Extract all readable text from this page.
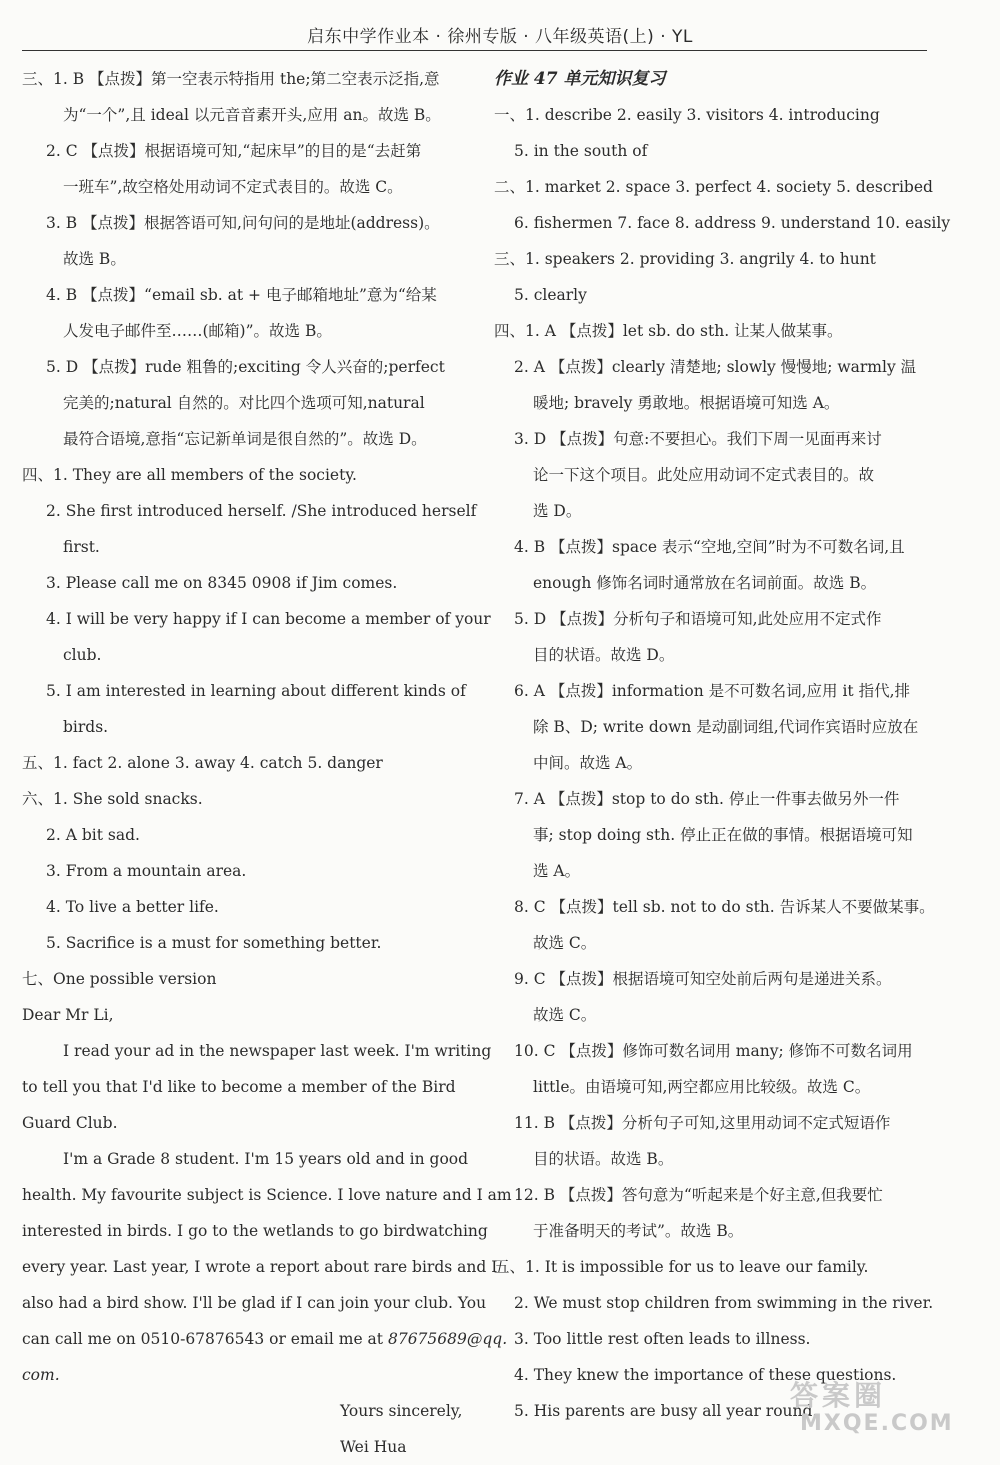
启东中学作业本 · 徐州专版 · 八年级英语(上) · YL
三、1. B 【点拨】第一空表示特指用 the;第二空表示泛指,意
为“一个”,且 ideal 以元音音素开头,应用 an。故选 B。
2. C 【点拨】根据语境可知,“起床早”的目的是“去赶第
一班车”,故空格处用动词不定式表目的。故选 C。
3. B 【点拨】根据答语可知,问句问的是地址(address)。
故选 B。
4. B 【点拨】“email sb. at + 电子邮箱地址”意为“给某
人发电子邮件至……(邮箱)”。故选 B。
5. D 【点拨】rude 粗鲁的;exciting 令人兴奋的;perfect
完美的;natural 自然的。对比四个选项可知,natural
最符合语境,意指“忘记新单词是很自然的”。故选 D。
四、1. They are all members of the society.
2. She first introduced herself. /She introduced herself
first.
3. Please call me on 8345 0908 if Jim comes.
4. I will be very happy if I can become a member of your
club.
5. I am interested in learning about different kinds of
birds.
五、1. fact 2. alone 3. away 4. catch 5. danger
六、1. She sold snacks.
2. A bit sad.
3. From a mountain area.
4. To live a better life.
5. Sacrifice is a must for something better.
七、One possible version
Dear Mr Li,
I read your ad in the newspaper last week. I'm writing
to tell you that I'd like to become a member of the Bird
Guard Club.
I'm a Grade 8 student. I'm 15 years old and in good
health. My favourite subject is Science. I love nature and I am
interested in birds. I go to the wetlands to go birdwatching
every year. Last year, I wrote a report about rare birds and I
also had a bird show. I'll be glad if I can join your club. You
can call me on 0510-67876543 or email me at 87675689@qq.
com.
Yours sincerely,
Wei Hua
作业 47 单元知识复习
一、1. describe 2. easily 3. visitors 4. introducing
5. in the south of
二、1. market 2. space 3. perfect 4. society 5. described
6. fishermen 7. face 8. address 9. understand 10. easily
三、1. speakers 2. providing 3. angrily 4. to hunt
5. clearly
四、1. A 【点拨】let sb. do sth. 让某人做某事。
2. A 【点拨】clearly 清楚地; slowly 慢慢地; warmly 温
暖地; bravely 勇敢地。根据语境可知选 A。
3. D 【点拨】句意:不要担心。我们下周一见面再来讨
论一下这个项目。此处应用动词不定式表目的。故
选 D。
4. B 【点拨】space 表示“空地,空间”时为不可数名词,且
enough 修饰名词时通常放在名词前面。故选 B。
5. D 【点拨】分析句子和语境可知,此处应用不定式作
目的状语。故选 D。
6. A 【点拨】information 是不可数名词,应用 it 指代,排
除 B、D; write down 是动副词组,代词作宾语时应放在
中间。故选 A。
7. A 【点拨】stop to do sth. 停止一件事去做另外一件
事; stop doing sth. 停止正在做的事情。根据语境可知
选 A。
8. C 【点拨】tell sb. not to do sth. 告诉某人不要做某事。
故选 C。
9. C 【点拨】根据语境可知空处前后两句是递进关系。
故选 C。
10. C 【点拨】修饰可数名词用 many; 修饰不可数名词用
little。由语境可知,两空都应用比较级。故选 C。
11. B 【点拨】分析句子可知,这里用动词不定式短语作
目的状语。故选 B。
12. B 【点拨】答句意为“听起来是个好主意,但我要忙
于准备明天的考试”。故选 B。
五、1. It is impossible for us to leave our family.
2. We must stop children from swimming in the river.
3. Too little rest often leads to illness.
4. They knew the importance of these questions.
5. His parents are busy all year round.
答案圈
MXQE.COM
